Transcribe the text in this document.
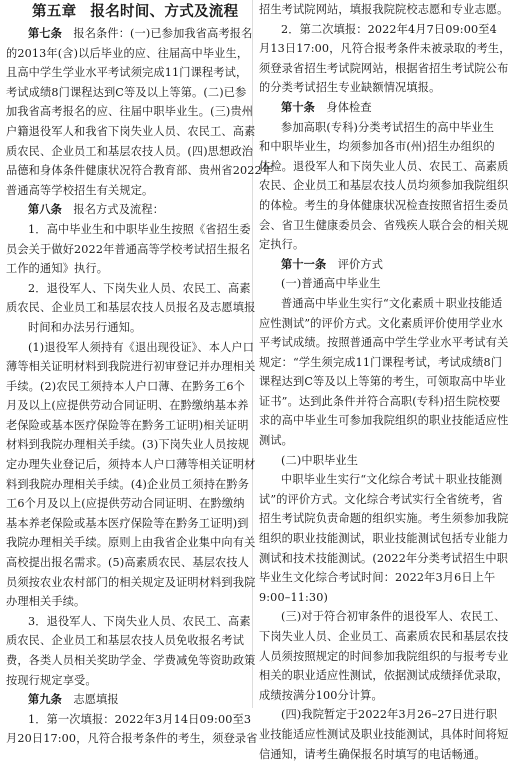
第五章 报名时间、方式及流程
第七条  报名条件：(一)已参加我省高考报名
的2013年(含)以后毕业的应、往届高中毕业生，
且高中学生学业水平考试须完成11门课程考试，
考试成绩8门课程达到C等及以上等第。(二)已参
加我省高考报名的应、往届中职毕业生。(三)贵州
户籍退役军人和我省下岗失业人员、农民工、高素
质农民、企业员工和基层农技人员。(四)思想政治
品德和身体条件健康状况符合教育部、贵州省2022年
普通高等学校招生有关规定。
第八条  报名方式及流程：
1．高中毕业生和中职毕业生按照《省招生委
员会关于做好2022年普通高等学校考试招生报名
工作的通知》执行。
2．退役军人、下岗失业人员、农民工、高素
质农民、企业员工和基层农技人员报名及志愿填报
时间和办法另行通知。
(1)退役军人须持有《退出现役证》、本人户口
薄等相关证明材料到我院进行初审登记并办理相关
手续。(2)农民工须持本人户口薄、在黔务工6个
月及以上(应提供劳动合同证明、在黔缴纳基本养
老保险或基本医疗保险等在黔务工证明)相关证明
材料到我院办理相关手续。(3)下岗失业人员按规
定办理失业登记后，须持本人户口薄等相关证明材
料到我院办理相关手续。(4)企业员工须持在黔务
工6个月及以上(应提供劳动合同证明、在黔缴纳
基本养老保险或基本医疗保险等在黔务工证明)到
我院办理相关手续。原则上由我省企业集中向有关
高校提出报名需求。(5)高素质农民、基层农技人
员须按农业农村部门的相关规定及证明材料到我院
办理相关手续。
3．退役军人、下岗失业人员、农民工、高素
质农民、企业员工和基层农技人员免收报名考试
费，各类人员相关奖助学金、学费减免等资助政策
按现行规定享受。
第九条  志愿填报
1．第一次填报：2022年3月14日09:00至3
月20日17:00，凡符合报考条件的考生，须登录省
招生考试院网站，填报我院院校志愿和专业志愿。
2．第二次填报：2022年4月7日09:00至4
月13日17:00，凡符合报考条件未被录取的考生，
须登录省招生考试院网站，根据省招生考试院公布
的分类考试招生专业缺额情况填报。
第十条  身体检查
参加高职(专科)分类考试招生的高中毕业生
和中职毕业生，均须参加各市(州)招生办组织的
体检。退役军人和下岗失业人员、农民工、高素质
农民、企业员工和基层农技人员均须参加我院组织
的体检。考生的身体健康状况检查按照省招生委员
会、省卫生健康委员会、省残疾人联合会的相关规
定执行。
第十一条  评价方式
(一)普通高中毕业生
普通高中毕业生实行“文化素质＋职业技能适
应性测试”的评价方式。文化素质评价使用学业水
平考试成绩。按照普通高中学生学业水平考试有关
规定：“学生须完成11门课程考试，考试成绩8门
课程达到C等及以上等第的考生，可领取高中毕业
证书”。达到此条件并符合高职(专科)招生院校要
求的高中毕业生可参加我院组织的职业技能适应性
测试。
(二)中职毕业生
中职毕业生实行“文化综合考试＋职业技能测
试”的评价方式。文化综合考试实行全省统考，省
招生考试院负责命题的组织实施。考生须参加我院
组织的职业技能测试，职业技能测试包括专业能力
测试和技术技能测试。(2022年分类考试招生中职
毕业生文化综合考试时间：2022年3月6日上午
9:00–11:30)
(三)对于符合初审条件的退役军人、农民工、
下岗失业人员、企业员工、高素质农民和基层农技
人员须按照规定的时间参加我院组织的与报考专业
相关的职业适应性测试，依据测试成绩择优录取，
成绩按满分100分计算。
(四)我院暂定于2022年3月26–27日进行职
业技能适应性测试及职业技能测试，具体时间将短
信通知，请考生确保报名时填写的电话畅通。
